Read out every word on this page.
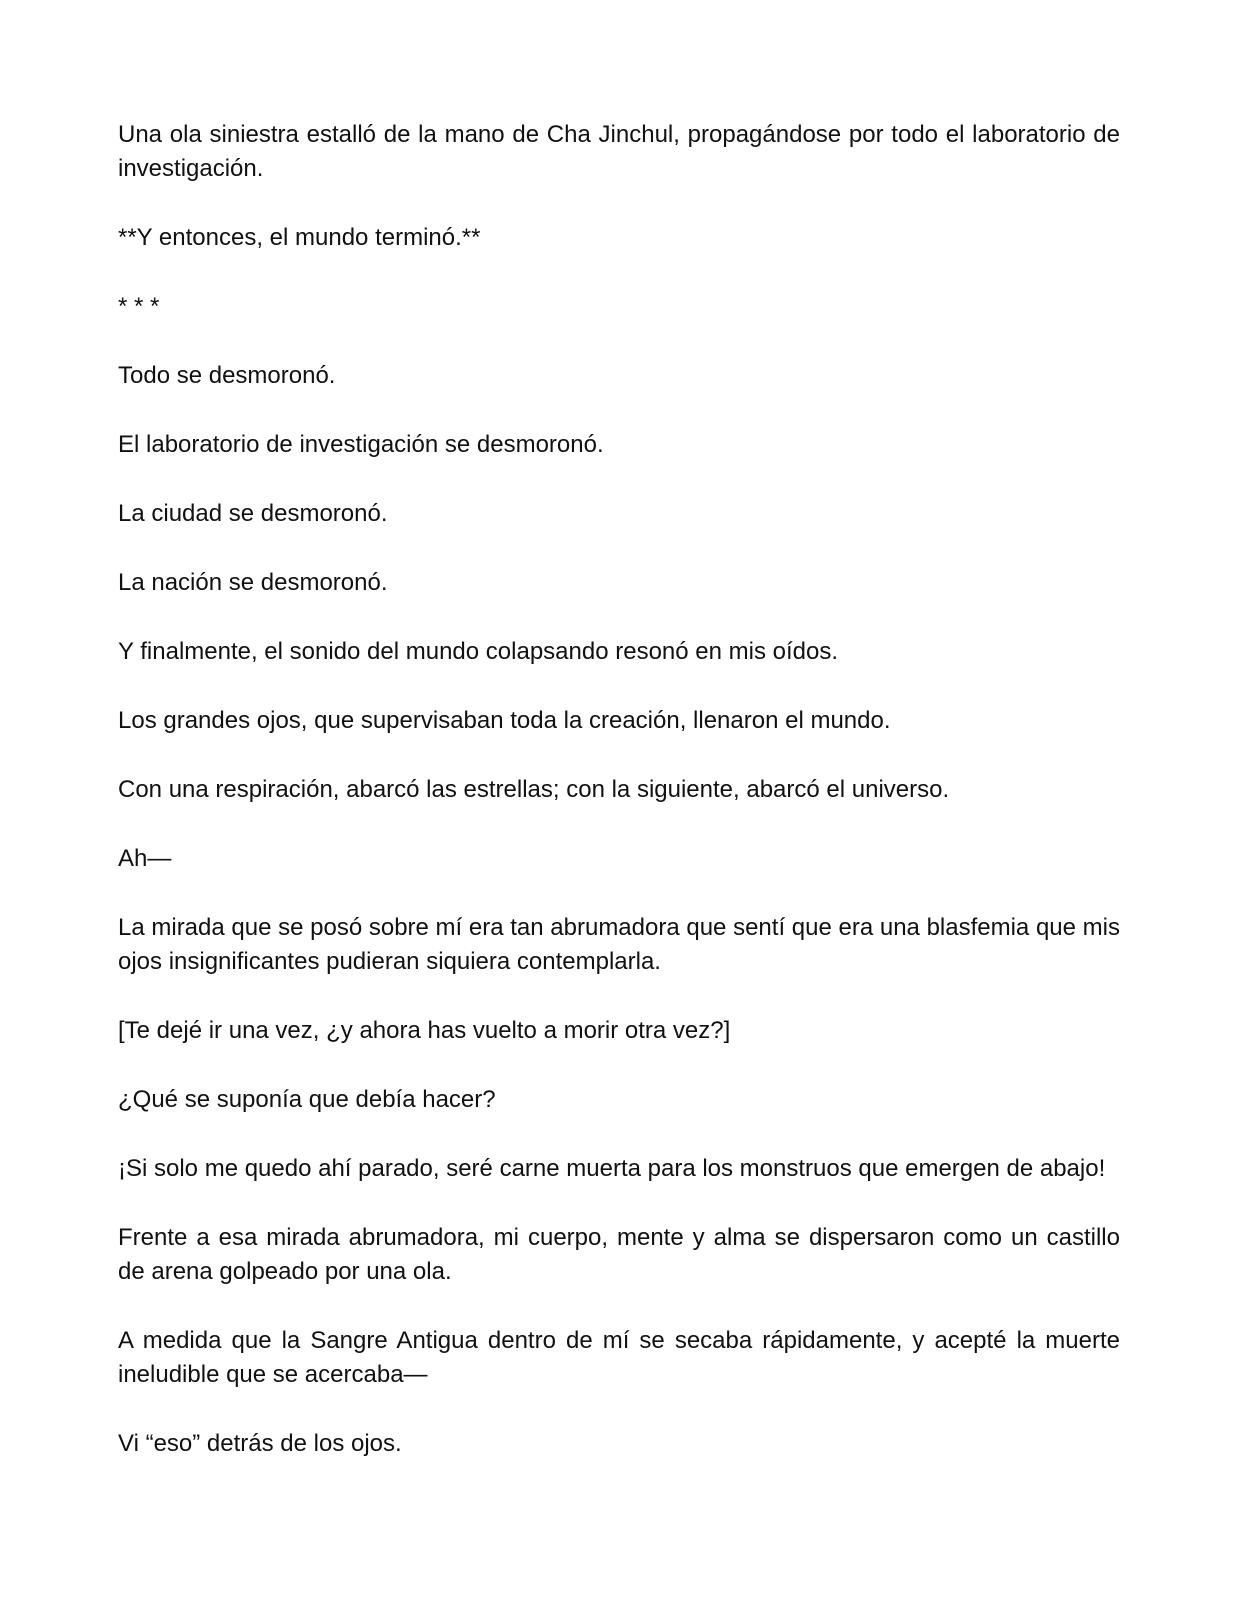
Una ola siniestra estalló de la mano de Cha Jinchul, propagándose por todo el laboratorio de investigación.

**Y entonces, el mundo terminó.**

* * *

Todo se desmoronó.

El laboratorio de investigación se desmoronó.

La ciudad se desmoronó.

La nación se desmoronó.

Y finalmente, el sonido del mundo colapsando resonó en mis oídos.

Los grandes ojos, que supervisaban toda la creación, llenaron el mundo.

Con una respiración, abarcó las estrellas; con la siguiente, abarcó el universo.

Ah—

La mirada que se posó sobre mí era tan abrumadora que sentí que era una blasfemia que mis ojos insignificantes pudieran siquiera contemplarla.

[Te dejé ir una vez, ¿y ahora has vuelto a morir otra vez?]

¿Qué se suponía que debía hacer?

¡Si solo me quedo ahí parado, seré carne muerta para los monstruos que emergen de abajo!

Frente a esa mirada abrumadora, mi cuerpo, mente y alma se dispersaron como un castillo de arena golpeado por una ola.

A medida que la Sangre Antigua dentro de mí se secaba rápidamente, y acepté la muerte ineludible que se acercaba—

Vi “eso” detrás de los ojos.
